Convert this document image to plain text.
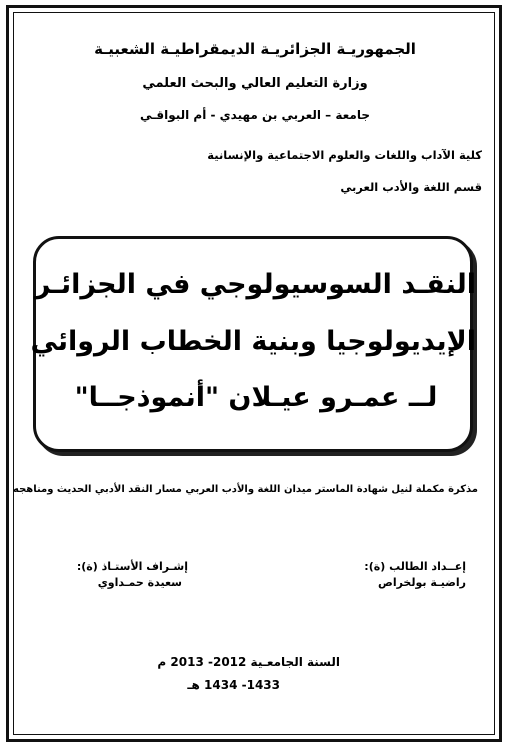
الجمهوريـة الجزائريـة الديمقراطيـة الشعبيـة
وزارة التعليم العالي والبحث العلمي
جامعة – العربي بن مهيدي - أم البواقـي
كلية الآداب واللغات والعلوم الاجتماعية والإنسانية
قسم اللغة والأدب العربي
النقـد السوسيولوجي في الجزائـر
الإيديولوجيا وبنية الخطاب الروائي
لــ عمـرو عيـلان "أنموذجــا"
مذكرة مكملة لنيل شهادة الماستر ميدان اللغة والأدب العربي مسار النقد الأدبي الحديث ومناهجه
إعــداد الطالب (ة):
راضيـة بولخراص
إشـراف الأستـاذ (ة):
سعيدة حمـداوي
السنة الجامعـية 2012- 2013 م
1433- 1434 هـ
